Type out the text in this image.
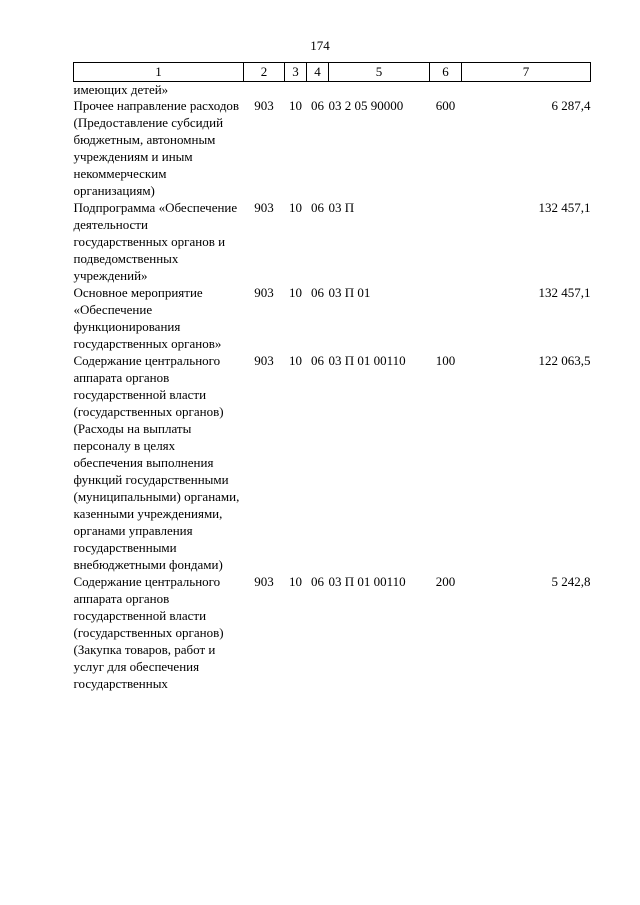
174
1	2	3	4	5	6	7
имеющих детей»						
Прочее направление расходов (Предоставление субсидий бюджетным, автономным учреждениям и иным некоммерческим организациям)	903	10	06	03 2 05 90000	600	6 287,4
Подпрограмма «Обеспечение деятельности государственных органов и подведомственных учреждений»	903	10	06	03 П		132 457,1
Основное мероприятие «Обеспечение функционирования государственных органов»	903	10	06	03 П 01		132 457,1
Содержание центрального аппарата органов государственной власти (государственных органов) (Расходы на выплаты персоналу в целях обеспечения выполнения функций государственными (муниципальными) органами, казенными учреждениями, органами управления государственными внебюджетными фондами)	903	10	06	03 П 01 00110	100	122 063,5
Содержание центрального аппарата органов государственной власти (государственных органов) (Закупка товаров, работ и услуг для обеспечения государственных	903	10	06	03 П 01 00110	200	5 242,8
